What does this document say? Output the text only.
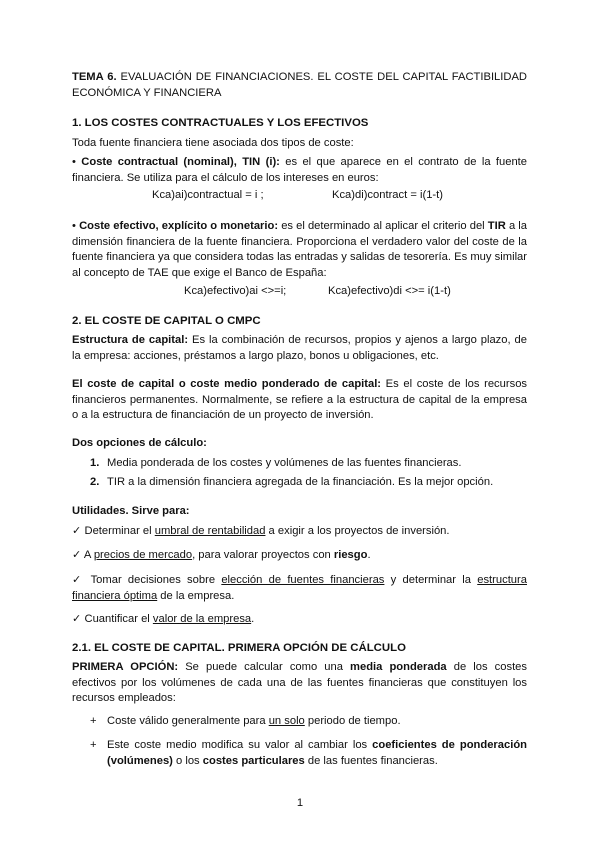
TEMA 6. EVALUACIÓN DE FINANCIACIONES. EL COSTE DEL CAPITAL FACTIBILIDAD ECONÓMICA Y FINANCIERA

1. LOS COSTES CONTRACTUALES Y LOS EFECTIVOS

Toda fuente financiera tiene asociada dos tipos de coste:

• Coste contractual (nominal), TIN (i): es el que aparece en el contrato de la fuente financiera. Se utiliza para el cálculo de los intereses en euros:

Kca)ai)contractual = i ;	Kca)di)contract = i(1-t)

• Coste efectivo, explícito o monetario: es el determinado al aplicar el criterio del TIR a la dimensión financiera de la fuente financiera. Proporciona el verdadero valor del coste de la fuente financiera ya que considera todas las entradas y salidas de tesorería. Es muy similar al concepto de TAE que exige el Banco de España:

Kca)efectivo)ai <>=i;	Kca)efectivo)di <>= i(1-t)

2. EL COSTE DE CAPITAL O CMPC

Estructura de capital: Es la combinación de recursos, propios y ajenos a largo plazo, de la empresa: acciones, préstamos a largo plazo, bonos u obligaciones, etc.

El coste de capital o coste medio ponderado de capital: Es el coste de los recursos financieros permanentes. Normalmente, se refiere a la estructura de capital de la empresa o a la estructura de financiación de un proyecto de inversión.

Dos opciones de cálculo:

1. Media ponderada de los costes y volúmenes de las fuentes financieras.

2. TIR a la dimensión financiera agregada de la financiación. Es la mejor opción.

Utilidades. Sirve para:

✓ Determinar el umbral de rentabilidad a exigir a los proyectos de inversión.

✓ A precios de mercado, para valorar proyectos con riesgo.

✓ Tomar decisiones sobre elección de fuentes financieras y determinar la estructura financiera óptima de la empresa.

✓ Cuantificar el valor de la empresa.

2.1. EL COSTE DE CAPITAL. PRIMERA OPCIÓN DE CÁLCULO

PRIMERA OPCIÓN: Se puede calcular como una media ponderada de los costes efectivos por los volúmenes de cada una de las fuentes financieras que constituyen los recursos empleados:

+ Coste válido generalmente para un solo periodo de tiempo.

+ Este coste medio modifica su valor al cambiar los coeficientes de ponderación (volúmenes) o los costes particulares de las fuentes financieras.

1
